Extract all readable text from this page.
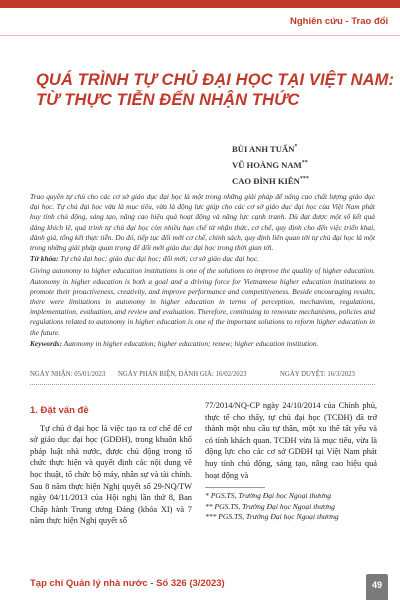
Nghiên cứu - Trao đổi
QUÁ TRÌNH TỰ CHỦ ĐẠI HỌC TẠI VIỆT NAM:
TỪ THỰC TIỄN ĐẾN NHẬN THỨC
BÙI ANH TUẤN*
VŨ HOÀNG NAM**
CAO ĐÌNH KIÊN***

Trao quyền tự chủ cho các cơ sở giáo dục đại học là một trong những giải pháp để nâng cao chất lượng giáo dục đại học. Tự chủ đại học vừa là mục tiêu, vừa là động lực giúp cho các cơ sở giáo dục đại học của Việt Nam phát huy tính chủ động, sáng tạo, nâng cao hiệu quả hoạt động và năng lực cạnh tranh. Dù đạt được một số kết quả đáng khích lệ, quá trình tự chủ đại học còn nhiều hạn chế từ nhận thức, cơ chế, quy định cho đến việc triển khai, đánh giá, tổng kết thực tiễn. Do đó, tiếp tục đổi mới cơ chế, chính sách, quy định liên quan tới tự chủ đại học là một trong những giải pháp quan trọng để đổi mới giáo dục đại học trong thời gian tới.

Từ khóa: Tự chủ đại học; giáo dục đại học; đổi mới; cơ sở giáo dục đại học.

Giving autonomy to higher education institutions is one of the solutions to improve the quality of higher education. Autonomy in higher education is both a goal and a driving force for Vietnamese higher education institutions to promote their proactiveness, creativity, and improve performance and competitiveness. Beside encouraging results, there were limitations in autonomy in higher education in terms of perception, mechanism, regulations, implementation, evaluation, and review and evaluation. Therefore, continuing to renovate mechanisms, policies and regulations related to autonomy in higher education is one of the important solutions to reform higher education in the future.

Keywords: Autonomy in higher education; higher education; renew; higher education institution.

NGÀY NHẬN: 05/01/2023 NGÀY PHẢN BIỆN, ĐÁNH GIÁ: 16/02/2023	NGÀY DUYỆT: 16/3/2023
1. Đặt vấn đề

Tự chủ ở đại học là việc tạo ra cơ chế để cơ sở giáo dục đại học (GDĐH), trong khuôn khổ pháp luật nhà nước, được chủ động trong tổ chức thực hiện và quyết định các nội dung về học thuật, tổ chức bộ máy, nhân sự và tài chính. Sau 8 năm thực hiện Nghị quyết số 29-NQ/TW ngày 04/11/2013 của Hội nghị lần thứ 8, Ban Chấp hành Trung ương Đảng (khóa XI) và 7 năm thực hiện Nghị quyết số

77/2014/NQ-CP ngày 24/10/2014 của Chính phủ, thực tế cho thấy, tự chủ đại học (TCĐH) đã trở thành một nhu cầu tự thân, một xu thế tất yếu và có tính khách quan. TCĐH vừa là mục tiêu, vừa là động lực cho các cơ sở GDĐH tại Việt Nam phát huy tính chủ động, sáng tạo, nâng cao hiệu quả hoạt động và

* PGS.TS, Trường Đại học Ngoại thương
** PGS.TS, Trường Đại học Ngoại thương
*** PGS.TS, Trường Đại học Ngoại thương
Tạp chí Quản lý nhà nước - Số 326 (3/2023)	49
